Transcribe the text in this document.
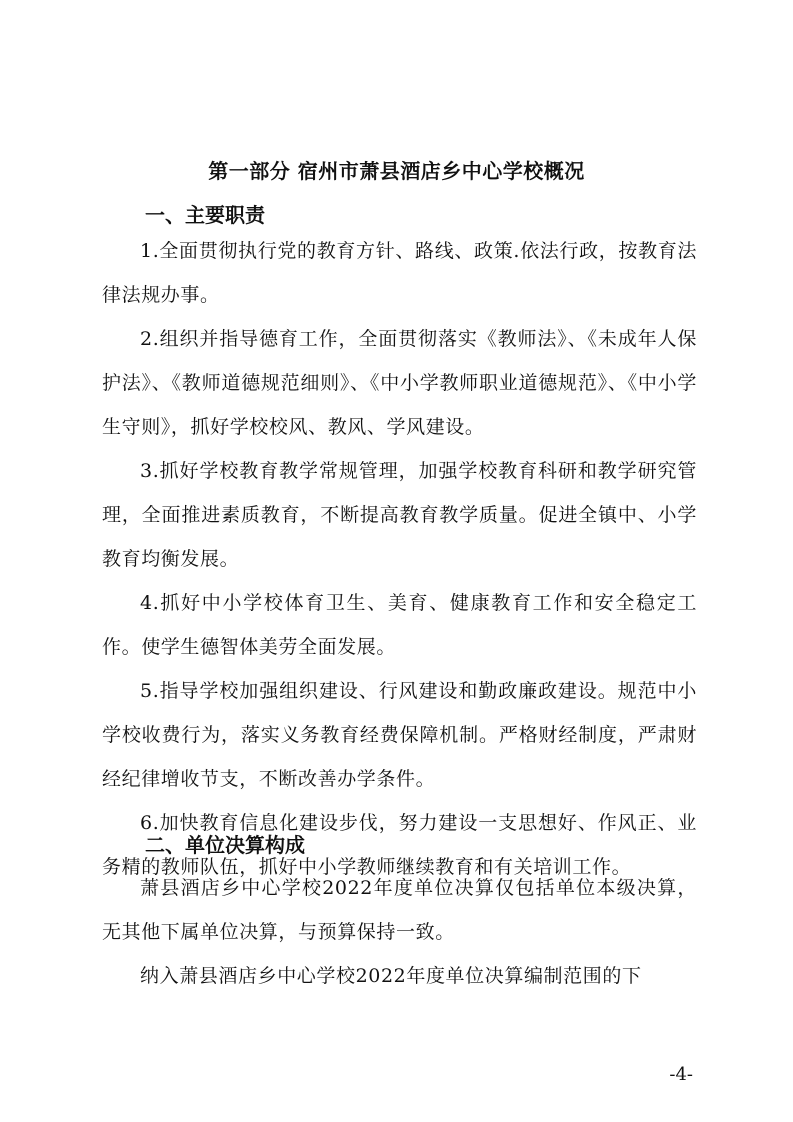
第一部分 宿州市萧县酒店乡中心学校概况
一、主要职责
1.全面贯彻执行党的教育方针、路线、政策.依法行政，按教育法律法规办事。
2.组织并指导德育工作，全面贯彻落实《教师法》、《未成年人保护法》、《教师道德规范细则》、《中小学教师职业道德规范》、《中小学生守则》，抓好学校校风、教风、学风建设。
3.抓好学校教育教学常规管理，加强学校教育科研和教学研究管理，全面推进素质教育，不断提高教育教学质量。促进全镇中、小学教育均衡发展。
4.抓好中小学校体育卫生、美育、健康教育工作和安全稳定工作。使学生德智体美劳全面发展。
5.指导学校加强组织建设、行风建设和勤政廉政建设。规范中小学校收费行为，落实义务教育经费保障机制。严格财经制度，严肃财经纪律增收节支，不断改善办学条件。
6.加快教育信息化建设步伐，努力建设一支思想好、作风正、业务精的教师队伍，抓好中小学教师继续教育和有关培训工作。
二、单位决算构成
萧县酒店乡中心学校2022年度单位决算仅包括单位本级决算，无其他下属单位决算，与预算保持一致。
纳入萧县酒店乡中心学校2022年度单位决算编制范围的下
-4-
